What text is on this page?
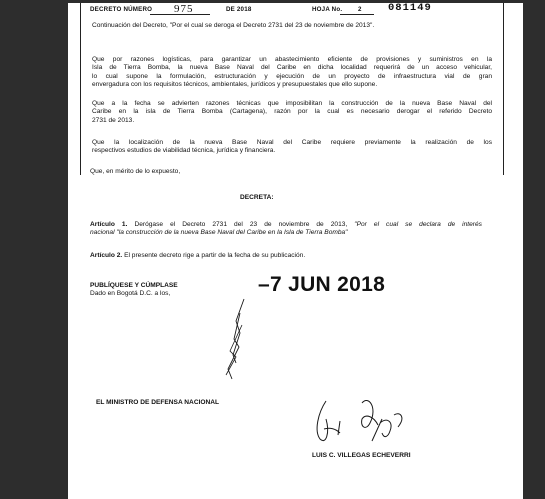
DECRETO NÚMERO 975	DE 2018	HOJA No.	2	081149

Continuación del Decreto, "Por el cual se deroga el Decreto 2731 del 23 de noviembre de 2013".

Que por razones logísticas, para garantizar un abastecimiento eficiente de provisiones y suministros en la

Isla de Tierra Bomba, la nueva Base Naval del Caribe en dicha localidad requerirá de un acceso vehicular,

lo cual supone la formulación, estructuración y ejecución de un proyecto de infraestructura vial de gran

envergadura con los requisitos técnicos, ambientales, jurídicos y presupuestales que ello supone.

Que a la fecha se advierten razones técnicas que imposibilitan la construcción de la nueva Base Naval del

Caribe en la isla de Tierra Bomba (Cartagena), razón por la cual es necesario derogar el referido Decreto

2731 de 2013.

Que la localización de la nueva Base Naval del Caribe requiere previamente la realización de los

respectivos estudios de viabilidad técnica, jurídica y financiera.

Que, en mérito de lo expuesto,

DECRETA:

Artículo 1. Derógase el Decreto 2731 del 23 de noviembre de 2013, "Por el cual se declara de interés

nacional "la construcción de la nueva Base Naval del Caribe en la Isla de Tierra Bomba"

Artículo 2. El presente decreto rige a partir de la fecha de su publicación.

PUBLÍQUESE Y CÚMPLASE

Dado en Bogotá D.C. a los,	–7 JUN 2018

EL MINISTRO DE DEFENSA NACIONAL

LUIS C. VILLEGAS ECHEVERRI
